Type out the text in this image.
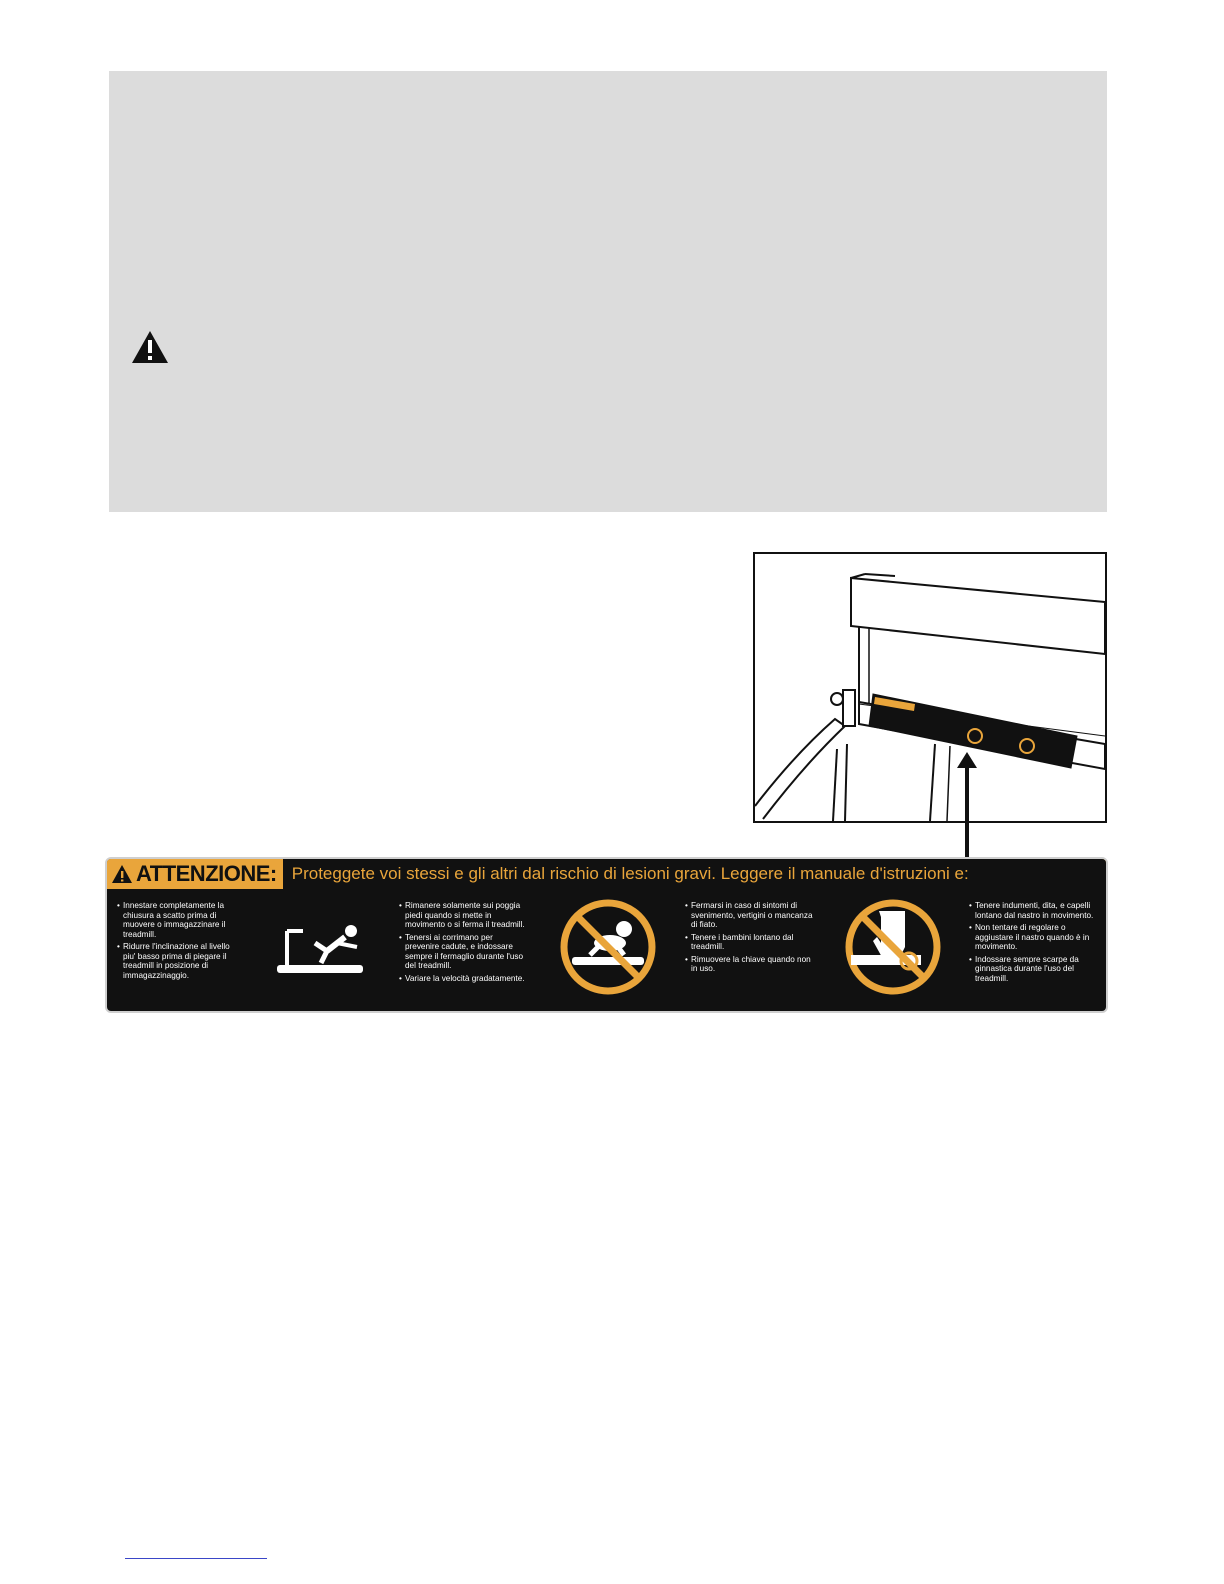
ATTENZIONE: Proteggete voi stessi e gli altri dal rischio di lesioni gravi. Leggere il manuale d'istruzioni e:
• Innestare completamente la chiusura a scatto prima di muovere o immagazzinare il treadmill.
• Ridurre l'inclinazione al livello piu' basso prima di piegare il treadmill in posizione di immagazzinaggio.
• Rimanere solamente sui poggia piedi quando si mette in movimento o si ferma il treadmill.
• Tenersi ai corrimano per prevenire cadute, e indossare sempre il fermaglio durante l'uso del treadmill.
• Variare la velocità gradatamente.
• Fermarsi in caso di sintomi di svenimento, vertigini o mancanza di fiato.
• Tenere i bambini lontano dal treadmill.
• Rimuovere la chiave quando non in uso.
• Tenere indumenti, dita, e capelli lontano dal nastro in movimento.
• Non tentare di regolare o aggiustare il nastro quando è in movimento.
• Indossare sempre scarpe da ginnastica durante l'uso del treadmill.
